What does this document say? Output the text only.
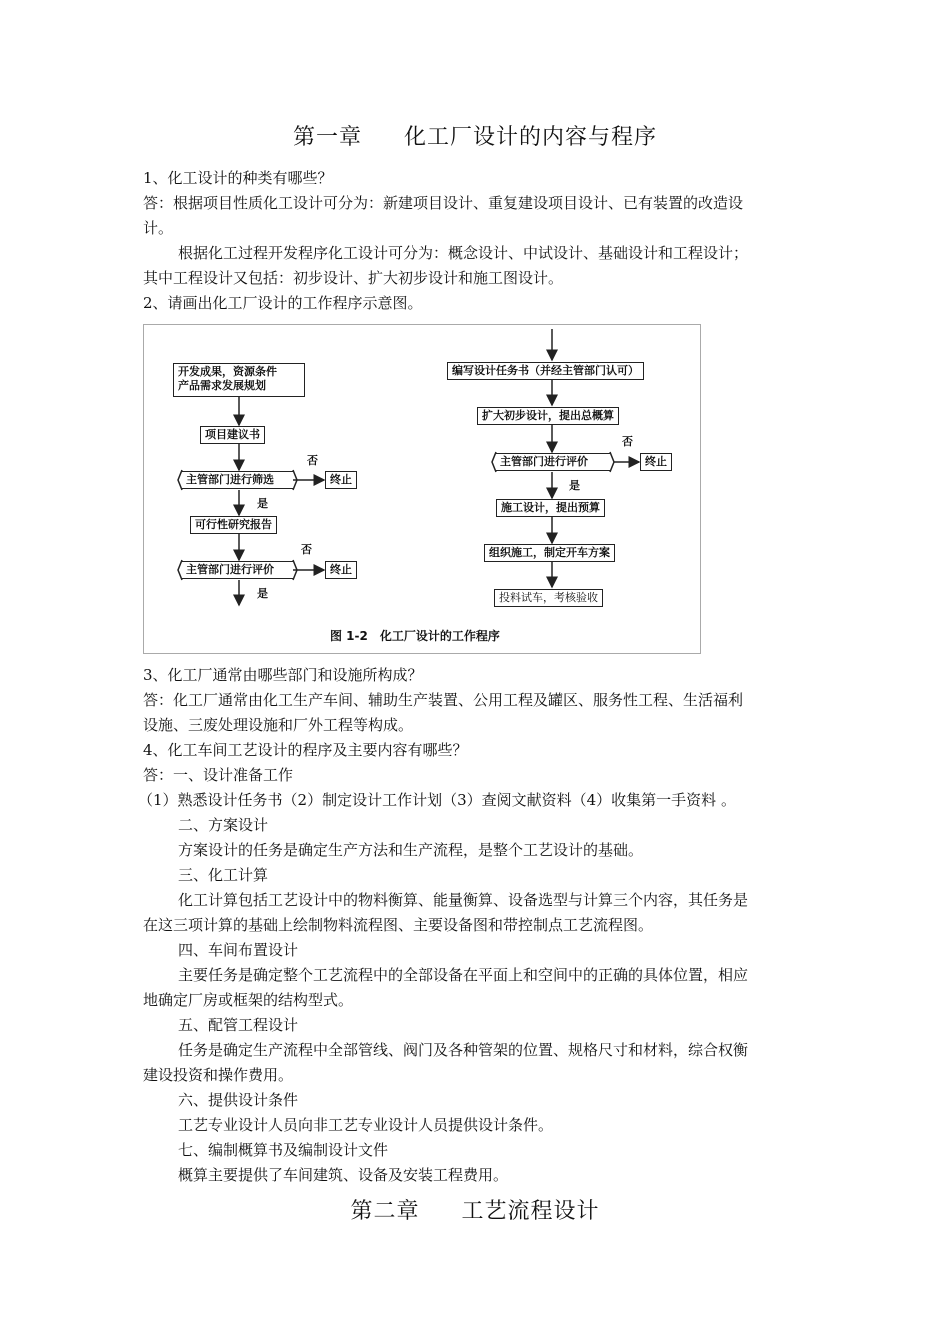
第一章 化工厂设计的内容与程序
1、化工设计的种类有哪些？
答：根据项目性质化工设计可分为：新建项目设计、重复建设项目设计、已有装置的改造设
计。
根据化工过程开发程序化工设计可分为：概念设计、中试设计、基础设计和工程设计；
其中工程设计又包括：初步设计、扩大初步设计和施工图设计。
2、请画出化工厂设计的工作程序示意图。
开发成果，资源条件
产品需求发展规划
项目建议书
主管部门进行筛选	终止
否
是
可行性研究报告
主管部门进行评价	终止
否
是
编写设计任务书（并经主管部门认可）
扩大初步设计，提出总概算
主管部门进行评价	终止
否
是
施工设计，提出预算
组织施工，制定开车方案
投料试车，考核验收
图 1-2　化工厂设计的工作程序
3、化工厂通常由哪些部门和设施所构成？
答：化工厂通常由化工生产车间、辅助生产装置、公用工程及罐区、服务性工程、生活福利
设施、三废处理设施和厂外工程等构成。
4、化工车间工艺设计的程序及主要内容有哪些？
答：一、设计准备工作
（1）熟悉设计任务书（2）制定设计工作计划（3）查阅文献资料（4）收集第一手资料 。
二、方案设计
方案设计的任务是确定生产方法和生产流程，是整个工艺设计的基础。
三、化工计算
化工计算包括工艺设计中的物料衡算、能量衡算、设备选型与计算三个内容，其任务是
在这三项计算的基础上绘制物料流程图、主要设备图和带控制点工艺流程图。
四、车间布置设计
主要任务是确定整个工艺流程中的全部设备在平面上和空间中的正确的具体位置，相应
地确定厂房或框架的结构型式。
五、配管工程设计
任务是确定生产流程中全部管线、阀门及各种管架的位置、规格尺寸和材料，综合权衡
建设投资和操作费用。
六、提供设计条件
工艺专业设计人员向非工艺专业设计人员提供设计条件。
七、编制概算书及编制设计文件
概算主要提供了车间建筑、设备及安装工程费用。
第二章 工艺流程设计
